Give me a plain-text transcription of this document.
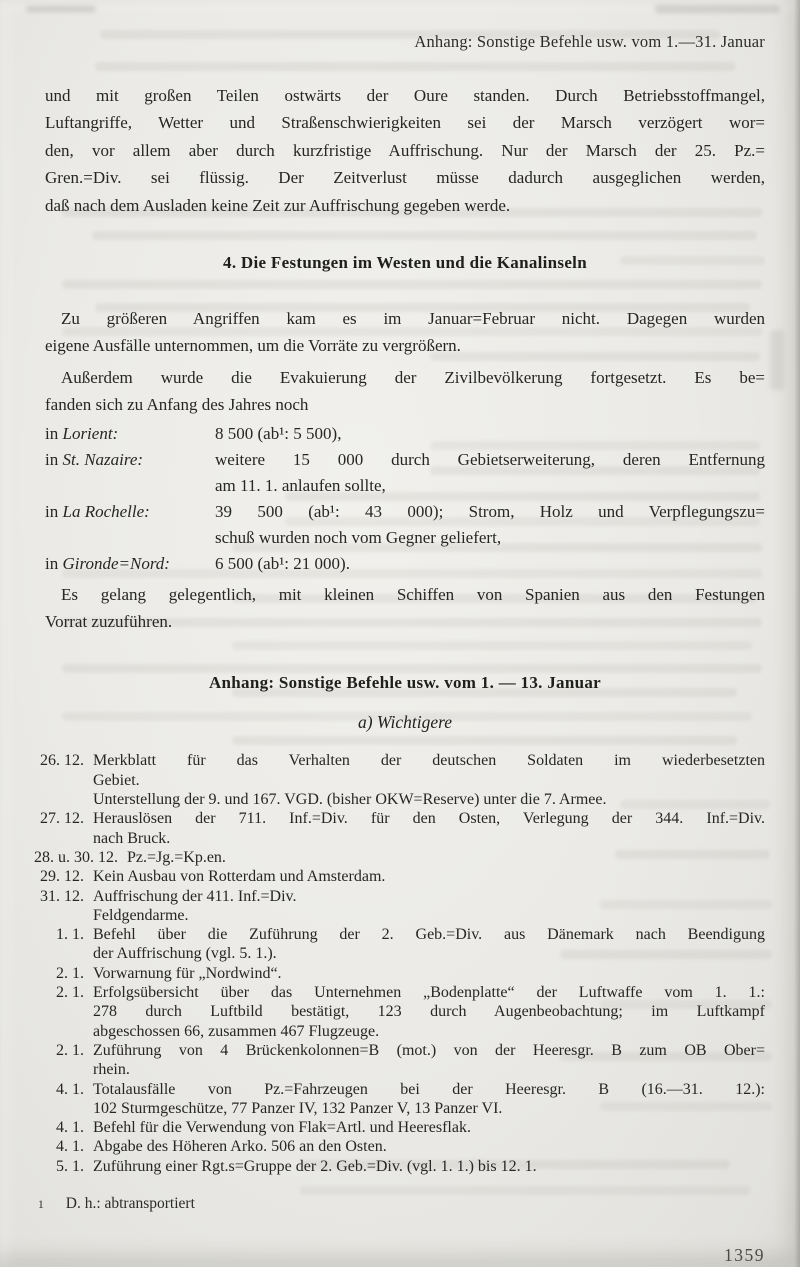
Anhang: Sonstige Befehle usw. vom 1.—31. Januar
und mit großen Teilen ostwärts der Oure standen. Durch Betriebsstoffmangel,
Luftangriffe, Wetter und Straßenschwierigkeiten sei der Marsch verzögert wor=
den, vor allem aber durch kurzfristige Auffrischung. Nur der Marsch der 25. Pz.=
Gren.=Div. sei flüssig. Der Zeitverlust müsse dadurch ausgeglichen werden,
daß nach dem Ausladen keine Zeit zur Auffrischung gegeben werde.
4. Die Festungen im Westen und die Kanalinseln
Zu größeren Angriffen kam es im Januar=Februar nicht. Dagegen wurden
eigene Ausfälle unternommen, um die Vorräte zu vergrößern.
Außerdem wurde die Evakuierung der Zivilbevölkerung fortgesetzt. Es be=
fanden sich zu Anfang des Jahres noch
in Lorient:	8 500 (ab¹: 5 500),
in St. Nazaire:	weitere 15 000 durch Gebietserweiterung, deren Entfernung
am 11. 1. anlaufen sollte,
in La Rochelle:	39 500 (ab¹: 43 000); Strom, Holz und Verpflegungszu=
schuß wurden noch vom Gegner geliefert,
in Gironde=Nord:	6 500 (ab¹: 21 000).
Es gelang gelegentlich, mit kleinen Schiffen von Spanien aus den Festungen
Vorrat zuzuführen.
Anhang: Sonstige Befehle usw. vom 1. — 13. Januar
a) Wichtigere
26. 12. Merkblatt für das Verhalten der deutschen Soldaten im wiederbesetzten
Gebiet.
Unterstellung der 9. und 167. VGD. (bisher OKW=Reserve) unter die 7. Armee.
27. 12. Herauslösen der 711. Inf.=Div. für den Osten, Verlegung der 344. Inf.=Div.
nach Bruck.
28. u. 30. 12. Pz.=Jg.=Kp.en.
29. 12. Kein Ausbau von Rotterdam und Amsterdam.
31. 12. Auffrischung der 411. Inf.=Div.
Feldgendarme.
1. 1. Befehl über die Zuführung der 2. Geb.=Div. aus Dänemark nach Beendigung
der Auffrischung (vgl. 5. 1.).
2. 1. Vorwarnung für „Nordwind“.
2. 1. Erfolgsübersicht über das Unternehmen „Bodenplatte“ der Luftwaffe vom 1. 1.:
278 durch Luftbild bestätigt, 123 durch Augenbeobachtung; im Luftkampf
abgeschossen 66, zusammen 467 Flugzeuge.
2. 1. Zuführung von 4 Brückenkolonnen=B (mot.) von der Heeresgr. B zum OB Ober=
rhein.
4. 1. Totalausfälle von Pz.=Fahrzeugen bei der Heeresgr. B (16.—31. 12.):
102 Sturmgeschütze, 77 Panzer IV, 132 Panzer V, 13 Panzer VI.
4. 1. Befehl für die Verwendung von Flak=Artl. und Heeresflak.
4. 1. Abgabe des Höheren Arko. 506 an den Osten.
5. 1. Zuführung einer Rgt.s=Gruppe der 2. Geb.=Div. (vgl. 1. 1.) bis 12. 1.
1 D. h.: abtransportiert
1359
